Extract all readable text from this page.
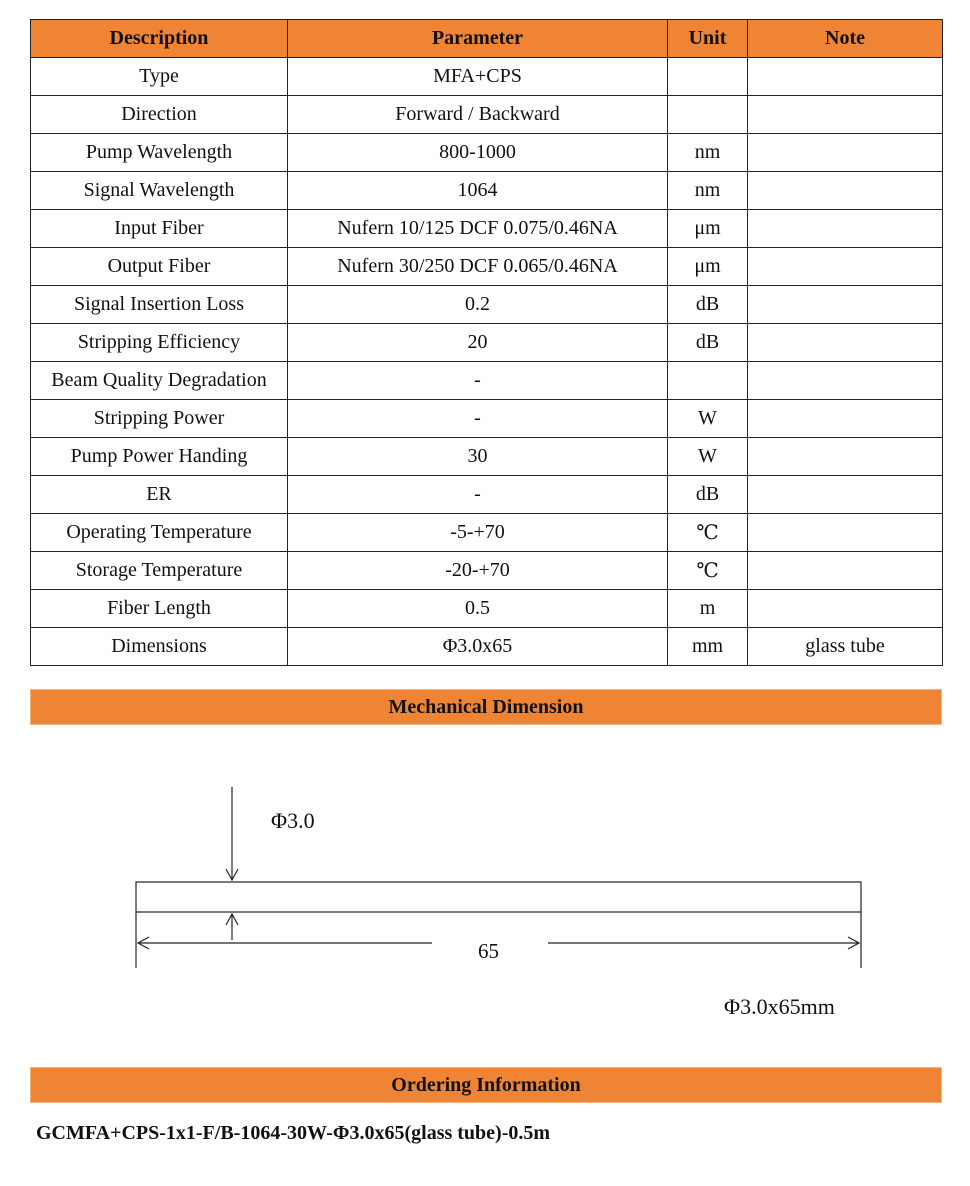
Description	Parameter	Unit	Note
Type	MFA+CPS		
Direction	Forward / Backward		
Pump Wavelength	800-1000	nm	
Signal Wavelength	1064	nm	
Input Fiber	Nufern 10/125 DCF 0.075/0.46NA	μm	
Output Fiber	Nufern 30/250 DCF 0.065/0.46NA	μm	
Signal Insertion Loss	0.2	dB	
Stripping Efficiency	20	dB	
Beam Quality Degradation	-		
Stripping Power	-	W	
Pump Power Handing	30	W	
ER	-	dB	
Operating Temperature	-5-+70	℃	
Storage Temperature	-20-+70	℃	
Fiber Length	0.5	m	
Dimensions	Φ3.0x65	mm	glass tube
Mechanical Dimension
Φ3.0
65
Φ3.0x65mm
Ordering Information
GCMFA+CPS-1x1-F/B-1064-30W-Φ3.0x65(glass tube)-0.5m
